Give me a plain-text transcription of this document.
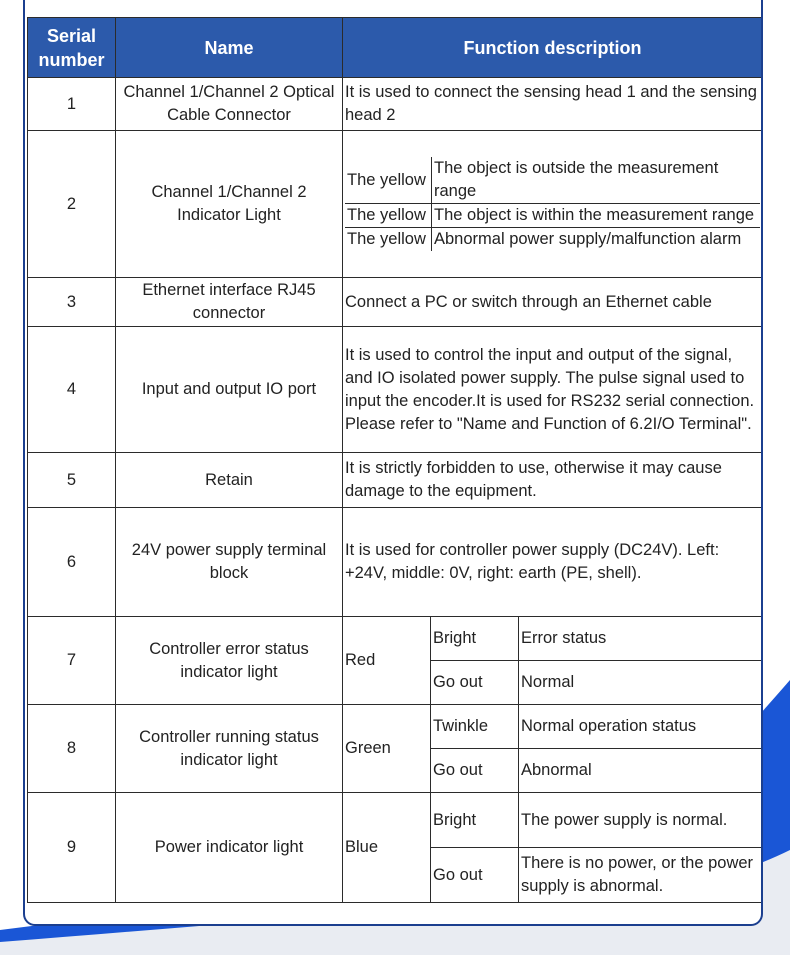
Serial number	Name	Function description
1	Channel 1/Channel 2 Optical Cable Connector	It is used to connect the sensing head 1 and the sensing head 2
2	Channel 1/Channel 2 Indicator Light	
The yellow	The object is outside the measurement range
The yellow	The object is within the measurement range
The yellow	Abnormal power supply/malfunction alarm

3	Ethernet interface RJ45 connector	Connect a PC or switch through an Ethernet cable
4	Input and output IO port	It is used to control the input and output of the signal, and IO isolated power supply. The pulse signal used to input the encoder.It is used for RS232 serial connection. Please refer to "Name and Function of 6.2I/O Terminal".
5	Retain	It is strictly forbidden to use, otherwise it may cause damage to the equipment.
6	24V power supply terminal block	It is used for controller power supply (DC24V). Left: +24V, middle: 0V, right: earth (PE, shell).
7	Controller error status indicator light	Red	Bright	Error status
Go out	Normal
8	Controller running status indicator light	Green	Twinkle	Normal operation status
Go out	Abnormal
9	Power indicator light	Blue	Bright	The power supply is normal.
Go out	There is no power, or the power supply is abnormal.
